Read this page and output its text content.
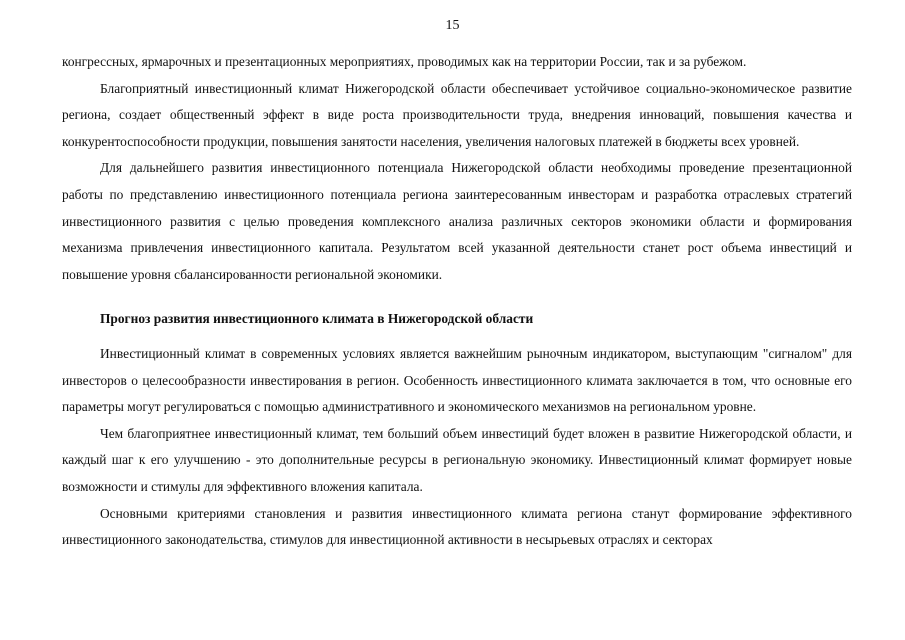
15

конгрессных, ярмарочных и презентационных мероприятиях, проводимых как на территории России, так и за рубежом.

Благоприятный инвестиционный климат Нижегородской области обеспечивает устойчивое социально-экономическое развитие региона, создает общественный эффект в виде роста производительности труда, внедрения инноваций, повышения качества и конкурентоспособности продукции, повышения занятости населения, увеличения налоговых платежей в бюджеты всех уровней.

Для дальнейшего развития инвестиционного потенциала Нижегородской области необходимы проведение презентационной работы по представлению инвестиционного потенциала региона заинтересованным инвесторам и разработка отраслевых стратегий инвестиционного развития с целью проведения комплексного анализа различных секторов экономики области и формирования механизма привлечения инвестиционного капитала. Результатом всей указанной деятельности станет рост объема инвестиций и повышение уровня сбалансированности региональной экономики.

Прогноз развития инвестиционного климата в Нижегородской области

Инвестиционный климат в современных условиях является важнейшим рыночным индикатором, выступающим "сигналом" для инвесторов о целесообразности инвестирования в регион. Особенность инвестиционного климата заключается в том, что основные его параметры могут регулироваться с помощью административного и экономического механизмов на региональном уровне.

Чем благоприятнее инвестиционный климат, тем больший объем инвестиций будет вложен в развитие Нижегородской области, и каждый шаг к его улучшению - это дополнительные ресурсы в региональную экономику. Инвестиционный климат формирует новые возможности и стимулы для эффективного вложения капитала.

Основными критериями становления и развития инвестиционного климата региона станут формирование эффективного инвестиционного законодательства, стимулов для инвестиционной активности в несырьевых отраслях и секторах
